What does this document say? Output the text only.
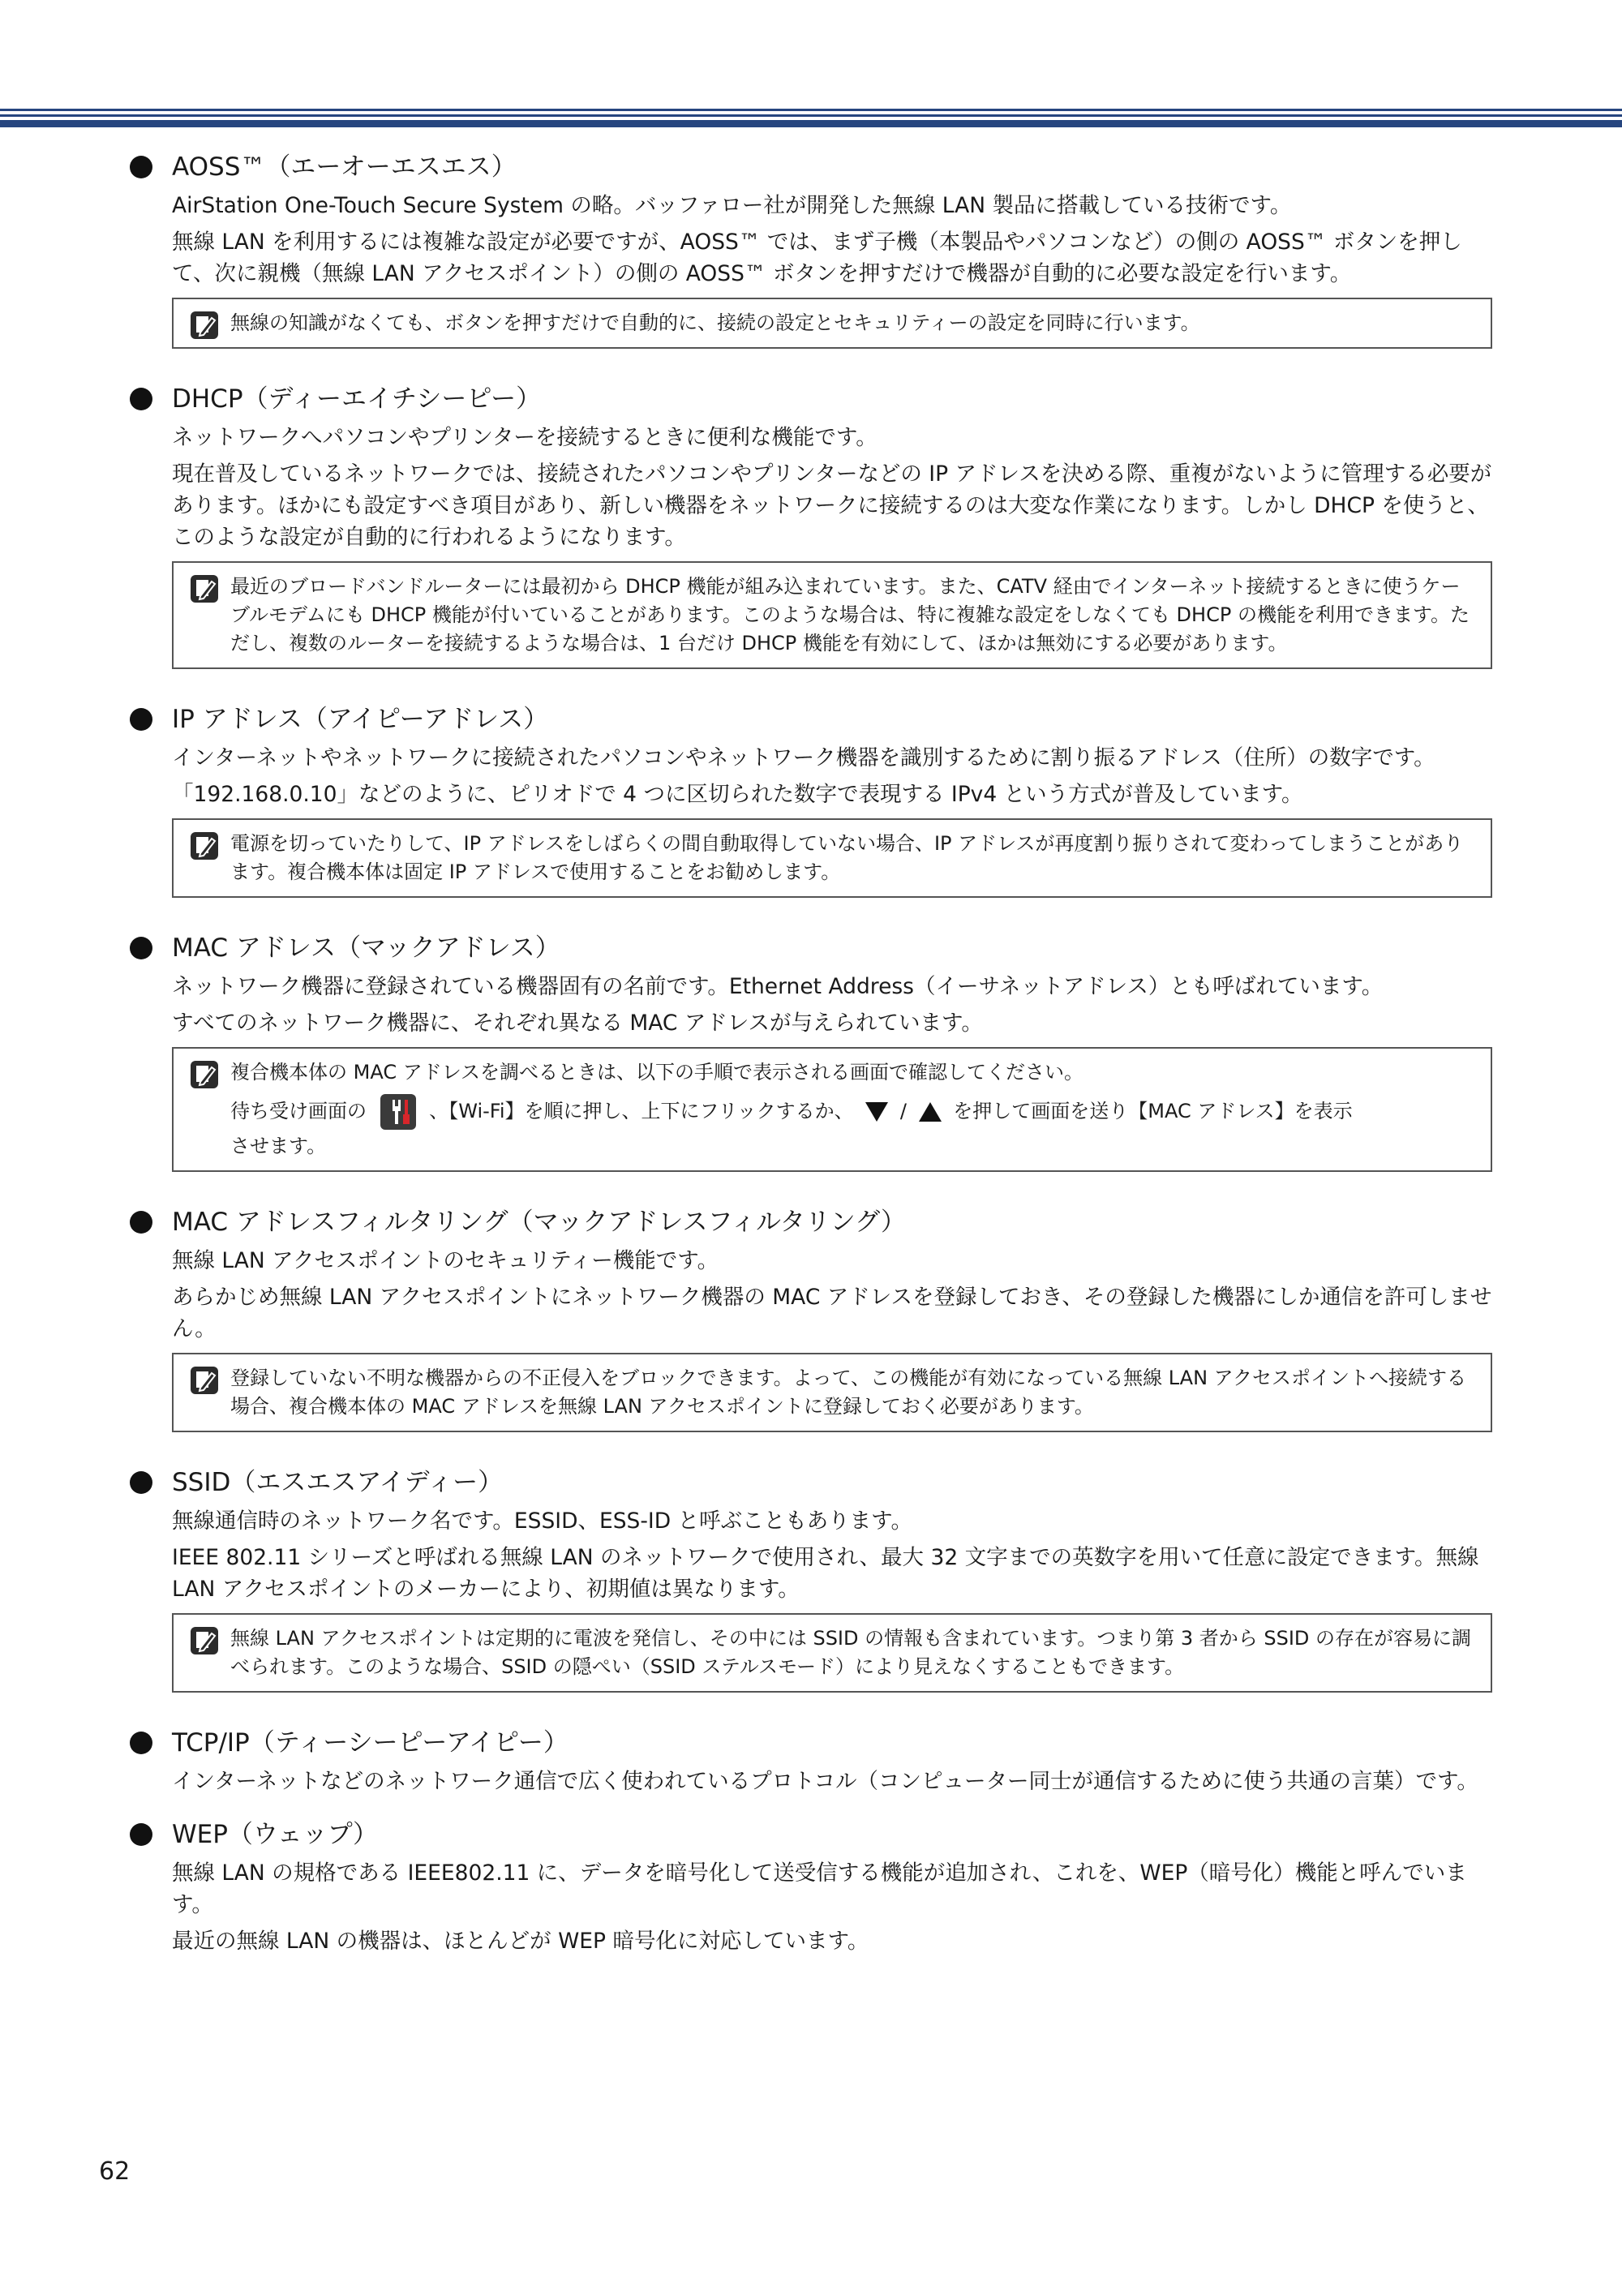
AOSS™（エーオーエスエス）

AirStation One-Touch Secure System の略。バッファロー社が開発した無線 LAN 製品に搭載している技術です。

無線 LAN を利用するには複雑な設定が必要ですが、AOSS™ では、まず子機（本製品やパソコンなど）の側の AOSS™ ボタンを押して、次に親機（無線 LAN アクセスポイント）の側の AOSS™ ボタンを押すだけで機器が自動的に必要な設定を行います。

無線の知識がなくても、ボタンを押すだけで自動的に、接続の設定とセキュリティーの設定を同時に行います。
DHCP（ディーエイチシーピー）

ネットワークへパソコンやプリンターを接続するときに便利な機能です。

現在普及しているネットワークでは、接続されたパソコンやプリンターなどの IP アドレスを決める際、重複がないように管理する必要があります。ほかにも設定すべき項目があり、新しい機器をネットワークに接続するのは大変な作業になります。しかし DHCP を使うと、このような設定が自動的に行われるようになります。

最近のブロードバンドルーターには最初から DHCP 機能が組み込まれています。また、CATV 経由でインターネット接続するときに使うケーブルモデムにも DHCP 機能が付いていることがあります。このような場合は、特に複雑な設定をしなくても DHCP の機能を利用できます。ただし、複数のルーターを接続するような場合は、1 台だけ DHCP 機能を有効にして、ほかは無効にする必要があります。
IP アドレス（アイピーアドレス）

インターネットやネットワークに接続されたパソコンやネットワーク機器を識別するために割り振るアドレス（住所）の数字です。

「192.168.0.10」などのように、ピリオドで 4 つに区切られた数字で表現する IPv4 という方式が普及しています。

電源を切っていたりして、IP アドレスをしばらくの間自動取得していない場合、IP アドレスが再度割り振りされて変わってしまうことがあります。複合機本体は固定 IP アドレスで使用することをお勧めします。
MAC アドレス（マックアドレス）

ネットワーク機器に登録されている機器固有の名前です。Ethernet Address（イーサネットアドレス）とも呼ばれています。

すべてのネットワーク機器に、それぞれ異なる MAC アドレスが与えられています。

複合機本体の MAC アドレスを調べるときは、以下の手順で表示される画面で確認してください。
待ち受け画面の	、【Wi-Fi】を順に押し、上下にフリックするか、 / を押して画面を送り【MAC アドレス】を表示
させます。
MAC アドレスフィルタリング（マックアドレスフィルタリング）

無線 LAN アクセスポイントのセキュリティー機能です。

あらかじめ無線 LAN アクセスポイントにネットワーク機器の MAC アドレスを登録しておき、その登録した機器にしか通信を許可しません。

登録していない不明な機器からの不正侵入をブロックできます。よって、この機能が有効になっている無線 LAN アクセスポイントへ接続する場合、複合機本体の MAC アドレスを無線 LAN アクセスポイントに登録しておく必要があります。
SSID（エスエスアイディー）

無線通信時のネットワーク名です。ESSID、ESS-ID と呼ぶこともあります。

IEEE 802.11 シリーズと呼ばれる無線 LAN のネットワークで使用され、最大 32 文字までの英数字を用いて任意に設定できます。無線 LAN アクセスポイントのメーカーにより、初期値は異なります。

無線 LAN アクセスポイントは定期的に電波を発信し、その中には SSID の情報も含まれています。つまり第 3 者から SSID の存在が容易に調べられます。このような場合、SSID の隠ぺい（SSID ステルスモード）により見えなくすることもできます。
TCP/IP（ティーシーピーアイピー）

インターネットなどのネットワーク通信で広く使われているプロトコル（コンピューター同士が通信するために使う共通の言葉）です。

WEP（ウェップ）

無線 LAN の規格である IEEE802.11 に、データを暗号化して送受信する機能が追加され、これを、WEP（暗号化）機能と呼んでいます。

最近の無線 LAN の機器は、ほとんどが WEP 暗号化に対応しています。

62
